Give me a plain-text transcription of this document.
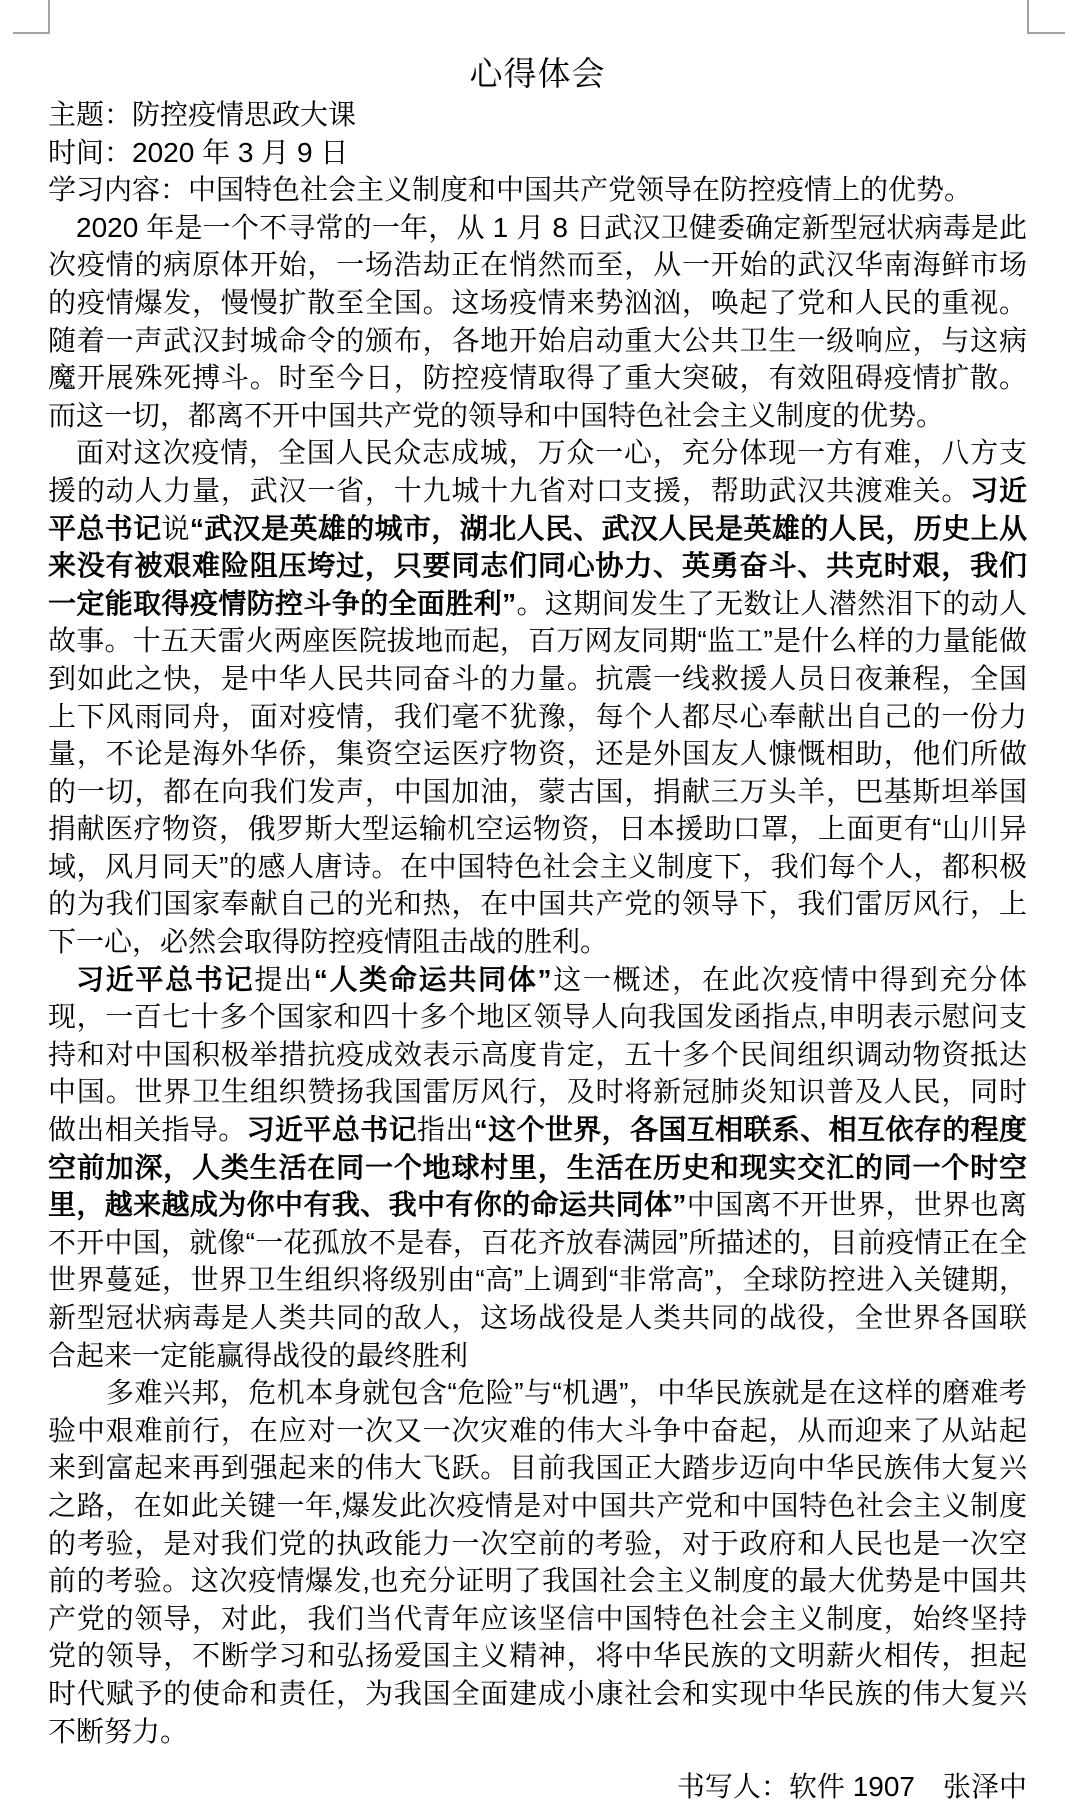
心得体会
主题：防控疫情思政大课
时间：2020 年 3 月 9 日
学习内容：中国特色社会主义制度和中国共产党领导在防控疫情上的优势。

2020 年是一个不寻常的一年，从 1 月 8 日武汉卫健委确定新型冠状病毒是此次疫情的病原体开始，一场浩劫正在悄然而至，从一开始的武汉华南海鲜市场的疫情爆发，慢慢扩散至全国。这场疫情来势汹汹，唤起了党和人民的重视。随着一声武汉封城命令的颁布，各地开始启动重大公共卫生一级响应，与这病魔开展殊死搏斗。时至今日，防控疫情取得了重大突破，有效阻碍疫情扩散。而这一切，都离不开中国共产党的领导和中国特色社会主义制度的优势。

面对这次疫情，全国人民众志成城，万众一心，充分体现一方有难，八方支援的动人力量，武汉一省，十九城十九省对口支援，帮助武汉共渡难关。习近平总书记说“武汉是英雄的城市，湖北人民、武汉人民是英雄的人民，历史上从来没有被艰难险阻压垮过，只要同志们同心协力、英勇奋斗、共克时艰，我们一定能取得疫情防控斗争的全面胜利”。这期间发生了无数让人潜然泪下的动人故事。十五天雷火两座医院拔地而起，百万网友同期“监工”是什么样的力量能做到如此之快，是中华人民共同奋斗的力量。抗震一线救援人员日夜兼程，全国上下风雨同舟，面对疫情，我们毫不犹豫，每个人都尽心奉献出自己的一份力量，不论是海外华侨，集资空运医疗物资，还是外国友人慷慨相助，他们所做的一切，都在向我们发声，中国加油，蒙古国，捐献三万头羊，巴基斯坦举国捐献医疗物资，俄罗斯大型运输机空运物资，日本援助口罩，上面更有“山川异域，风月同天”的感人唐诗。在中国特色社会主义制度下，我们每个人，都积极的为我们国家奉献自己的光和热，在中国共产党的领导下，我们雷厉风行，上下一心，必然会取得防控疫情阻击战的胜利。

习近平总书记提出“人类命运共同体”这一概述，在此次疫情中得到充分体现，一百七十多个国家和四十多个地区领导人向我国发函指点,申明表示慰问支持和对中国积极举措抗疫成效表示高度肯定，五十多个民间组织调动物资抵达中国。世界卫生组织赞扬我国雷厉风行，及时将新冠肺炎知识普及人民，同时做出相关指导。习近平总书记指出“这个世界，各国互相联系、相互依存的程度空前加深，人类生活在同一个地球村里，生活在历史和现实交汇的同一个时空里，越来越成为你中有我、我中有你的命运共同体”中国离不开世界，世界也离不开中国，就像“一花孤放不是春，百花齐放春满园”所描述的，目前疫情正在全世界蔓延，世界卫生组织将级别由“高”上调到“非常高”，全球防控进入关键期，新型冠状病毒是人类共同的敌人，这场战役是人类共同的战役，全世界各国联合起来一定能赢得战役的最终胜利

多难兴邦，危机本身就包含“危险”与“机遇”，中华民族就是在这样的磨难考验中艰难前行，在应对一次又一次灾难的伟大斗争中奋起，从而迎来了从站起来到富起来再到强起来的伟大飞跃。目前我国正大踏步迈向中华民族伟大复兴之路，在如此关键一年,爆发此次疫情是对中国共产党和中国特色社会主义制度的考验，是对我们党的执政能力一次空前的考验，对于政府和人民也是一次空前的考验。这次疫情爆发,也充分证明了我国社会主义制度的最大优势是中国共产党的领导，对此，我们当代青年应该坚信中国特色社会主义制度，始终坚持党的领导，不断学习和弘扬爱国主义精神，将中华民族的文明薪火相传，担起时代赋予的使命和责任，为我国全面建成小康社会和实现中华民族的伟大复兴不断努力。

书写人：软件 1907　张泽中
